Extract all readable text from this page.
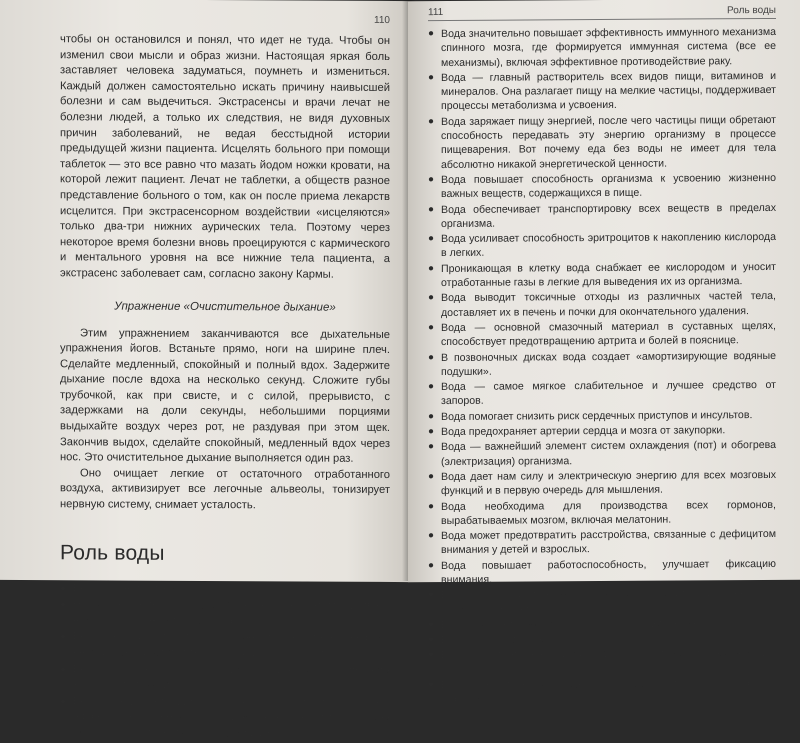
110

чтобы он остановился и понял, что идет не туда. Чтобы он изменил свои мысли и образ жизни. Настоящая яркая боль заставляет человека задуматься, поумнеть и измениться. Каждый должен самостоятельно искать причину наивысшей болезни и сам выдечиться. Экстрасенсы и врачи лечат не болезни людей, а только их следствия, не видя духовных причин заболеваний, не ведая бесстыдной истории предыдущей жизни пациента. Исцелять больного при помощи таблеток — это все равно что мазать йодом ножки кровати, на которой лежит пациент. Лечат не таблетки, а обществ разное представление больного о том, как он после приема лекарств исцелится. При экстрасенсорном воздействии «исцеляются» только два-три нижних аурических тела. Поэтому через некоторое время болезни вновь проецируются с кармического и ментального уровня на все нижние тела пациента, а экстрасенс заболевает сам, согласно закону Кармы.

Упражнение «Очистительное дыхание»

Этим упражнением заканчиваются все дыхательные упражнения йогов. Встаньте прямо, ноги на ширине плеч. Сделайте медленный, спокойный и полный вдох. Задержите дыхание после вдоха на несколько секунд. Сложите губы трубочкой, как при свисте, и с силой, прерывисто, с задержками на доли секунды, небольшими порциями выдыхайте воздух через рот, не раздувая при этом щек. Закончив выдох, сделайте спокойный, медленный вдох через нос. Это очистительное дыхание выполняется один раз.

Оно очищает легкие от остаточного отработанного воздуха, активизирует все легочные альвеолы, тонизирует нервную систему, снимает усталость.

Роль воды
● Без воды нет жизни.
● Нехватка воды сначала угнетает, а затем убивает некоторые функции организма.
● Вода генерирует электрическую и магнитную энергию внутри каждой клетки тела — она дает силу жить.
● Вода — связующий материал архитектурного проекта клеточной структуры.
● Вода защищает ДНК от повреждений и повышает эффективность ее восстановительных механизмов — она уменьшает количество аномалий в ДНК.
111	Роль воды
● Вода значительно повышает эффективность иммунного механизма спинного мозга, где формируется иммунная система (все ее механизмы), включая эффективное противодействие раку.
● Вода — главный растворитель всех видов пищи, витаминов и минералов. Она разлагает пищу на мелкие частицы, поддерживает процессы метаболизма и усвоения.
● Вода заряжает пищу энергией, после чего частицы пищи обретают способность передавать эту энергию организму в процессе пищеварения. Вот почему еда без воды не имеет для тела абсолютно никакой энергетической ценности.
● Вода повышает способность организма к усвоению жизненно важных веществ, содержащихся в пище.
● Вода обеспечивает транспортировку всех веществ в пределах организма.
● Вода усиливает способность эритроцитов к накоплению кислорода в легких.
● Проникающая в клетку вода снабжает ее кислородом и уносит отработанные газы в легкие для выведения их из организма.
● Вода выводит токсичные отходы из различных частей тела, доставляет их в печень и почки для окончательного удаления.
● Вода — основной смазочный материал в суставных щелях, способствует предотвращению артрита и болей в пояснице.
● В позвоночных дисках вода создает «амортизирующие водяные подушки».
● Вода — самое мягкое слабительное и лучшее средство от запоров.
● Вода помогает снизить риск сердечных приступов и инсультов.
● Вода предохраняет артерии сердца и мозга от закупорки.
● Вода — важнейший элемент систем охлаждения (пот) и обогрева (электризация) организма.
● Вода дает нам силу и электрическую энергию для всех мозговых функций и в первую очередь для мышления.
● Вода необходима для производства всех гормонов, вырабатываемых мозгом, включая мелатонин.
● Вода может предотвратить расстройства, связанные с дефицитом внимания у детей и взрослых.
● Вода повышает работоспособность, улучшает фиксацию внимания.
● Вода — самый лучший тонизирующий напиток, и у нее нет побочных эффектов.
● Вода помогает снимать стресс, тревогу и депрессию.
● Вода восстанавливает сон.
● Вода помогает снять усталость — она придает нам энергию молодости.
● Вода делает кожу гладкой, позволяя уменьшить эффекты старения.
